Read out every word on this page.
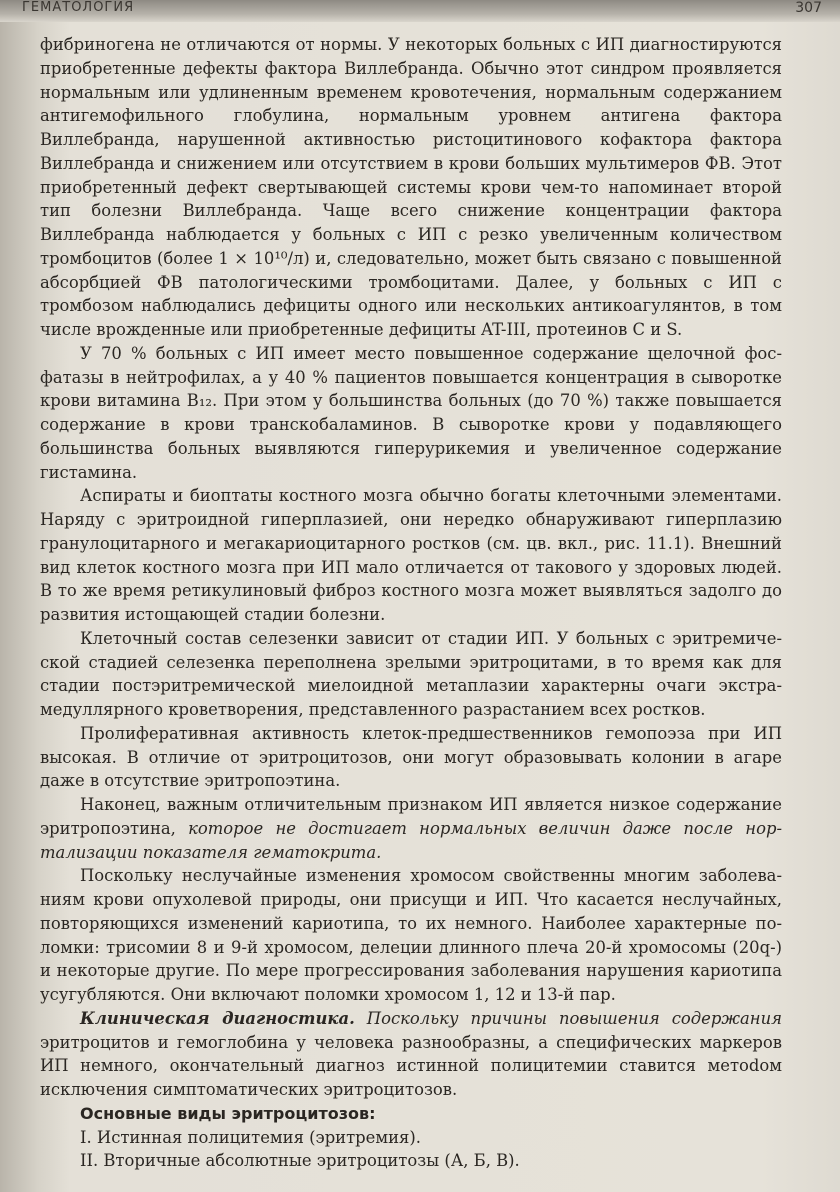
ГЕМАТОЛОГИЯ	307

фибриногена не отличаются от нормы. У некоторых больных с ИП диагностируются приобретенные дефекты фактора Виллебранда. Обычно этот синдром проявляется нормальным или удлиненным временем кровотечения, нормальным содержанием антигемофильного глобулина, нормальным уровнем антигена фактора Виллебранда, нарушенной активностью ристоцитинового кофактора фактора Виллебранда и снижением или отсутствием в крови больших мультимеров ФВ. Этот приобретенный дефект свертывающей системы крови чем-то напоминает второй тип болезни Виллебранда. Чаще всего снижение концентрации фактора Виллебранда наблюдается у больных с ИП с резко увеличенным количеством тромбоцитов (более 1 × 10¹⁰/л) и, следовательно, может быть связано с повышенной абсорбцией ФВ патологическими тромбоцитами. Далее, у больных с ИП с тромбозом наблюдались дефициты одного или нескольких антикоагулянтов, в том числе врожденные или приобретенные дефициты AT-III, протеинов С и S.

У 70 % больных с ИП имеет место повышенное содержание щелочной фосфатазы в нейтрофилах, а у 40 % пациентов повышается концентрация в сыворотке крови витамина B₁₂. При этом у большинства больных (до 70 %) также повышается содержание в крови транскобаламинов. В сыворотке крови у подавляющего большинства больных выявляются гиперурикемия и увеличенное содержание гистамина.

Аспираты и биоптаты костного мозга обычно богаты клеточными элементами. Наряду с эритроидной гиперплазией, они нередко обнаруживают гиперплазию гранулоцитарного и мегакариоцитарного ростков (см. цв. вкл., рис. 11.1). Внешний вид клеток костного мозга при ИП мало отличается от такового у здоровых людей. В то же время ретикулиновый фиброз костного мозга может выявляться задолго до развития истощающей стадии болезни.

Клеточный состав селезенки зависит от стадии ИП. У больных с эритремической стадией селезенка переполнена зрелыми эритроцитами, в то время как для стадии постэритремической миелоидной метаплазии характерны очаги экстрамедуллярного кроветворения, представленного разрастанием всех ростков.

Пролиферативная активность клеток-предшественников гемопоэза при ИП высокая. В отличие от эритроцитозов, они могут образовывать колонии в агаре даже в отсутствие эритропоэтина.

Наконец, важным отличительным признаком ИП является низкое содержание эритропоэтина, которое не достигает нормальных величин даже после норmализации показателя гематокрита.

Поскольку неслучайные изменения хромосом свойственны многим заболеваниям крови опухолевой природы, они присущи и ИП. Что касается неслучайных, повторяющихся изменений кариотипа, то их немного. Наиболее характерные поломки: трисомии 8 и 9-й хромосом, делеции длинного плеча 20-й хромосомы (20q-) и некоторые другие. По мере прогрессирования заболевания нарушения кариотипа усугубляются. Они включают поломки хромосом 1, 12 и 13-й пар.

Клиническая диагностика. Поскольку причины повышения содержания эритроцитов и гемоглобина у человека разнообразны, а специфических маркеров ИП немного, окончательный диагноз истинной полицитемии ставится метоdом исключения симптоматических эритроцитозов.

Основные виды эритроцитозов:

I. Истинная полицитемия (эритремия).

II. Вторичные абсолютные эритроцитозы (А, Б, В).
